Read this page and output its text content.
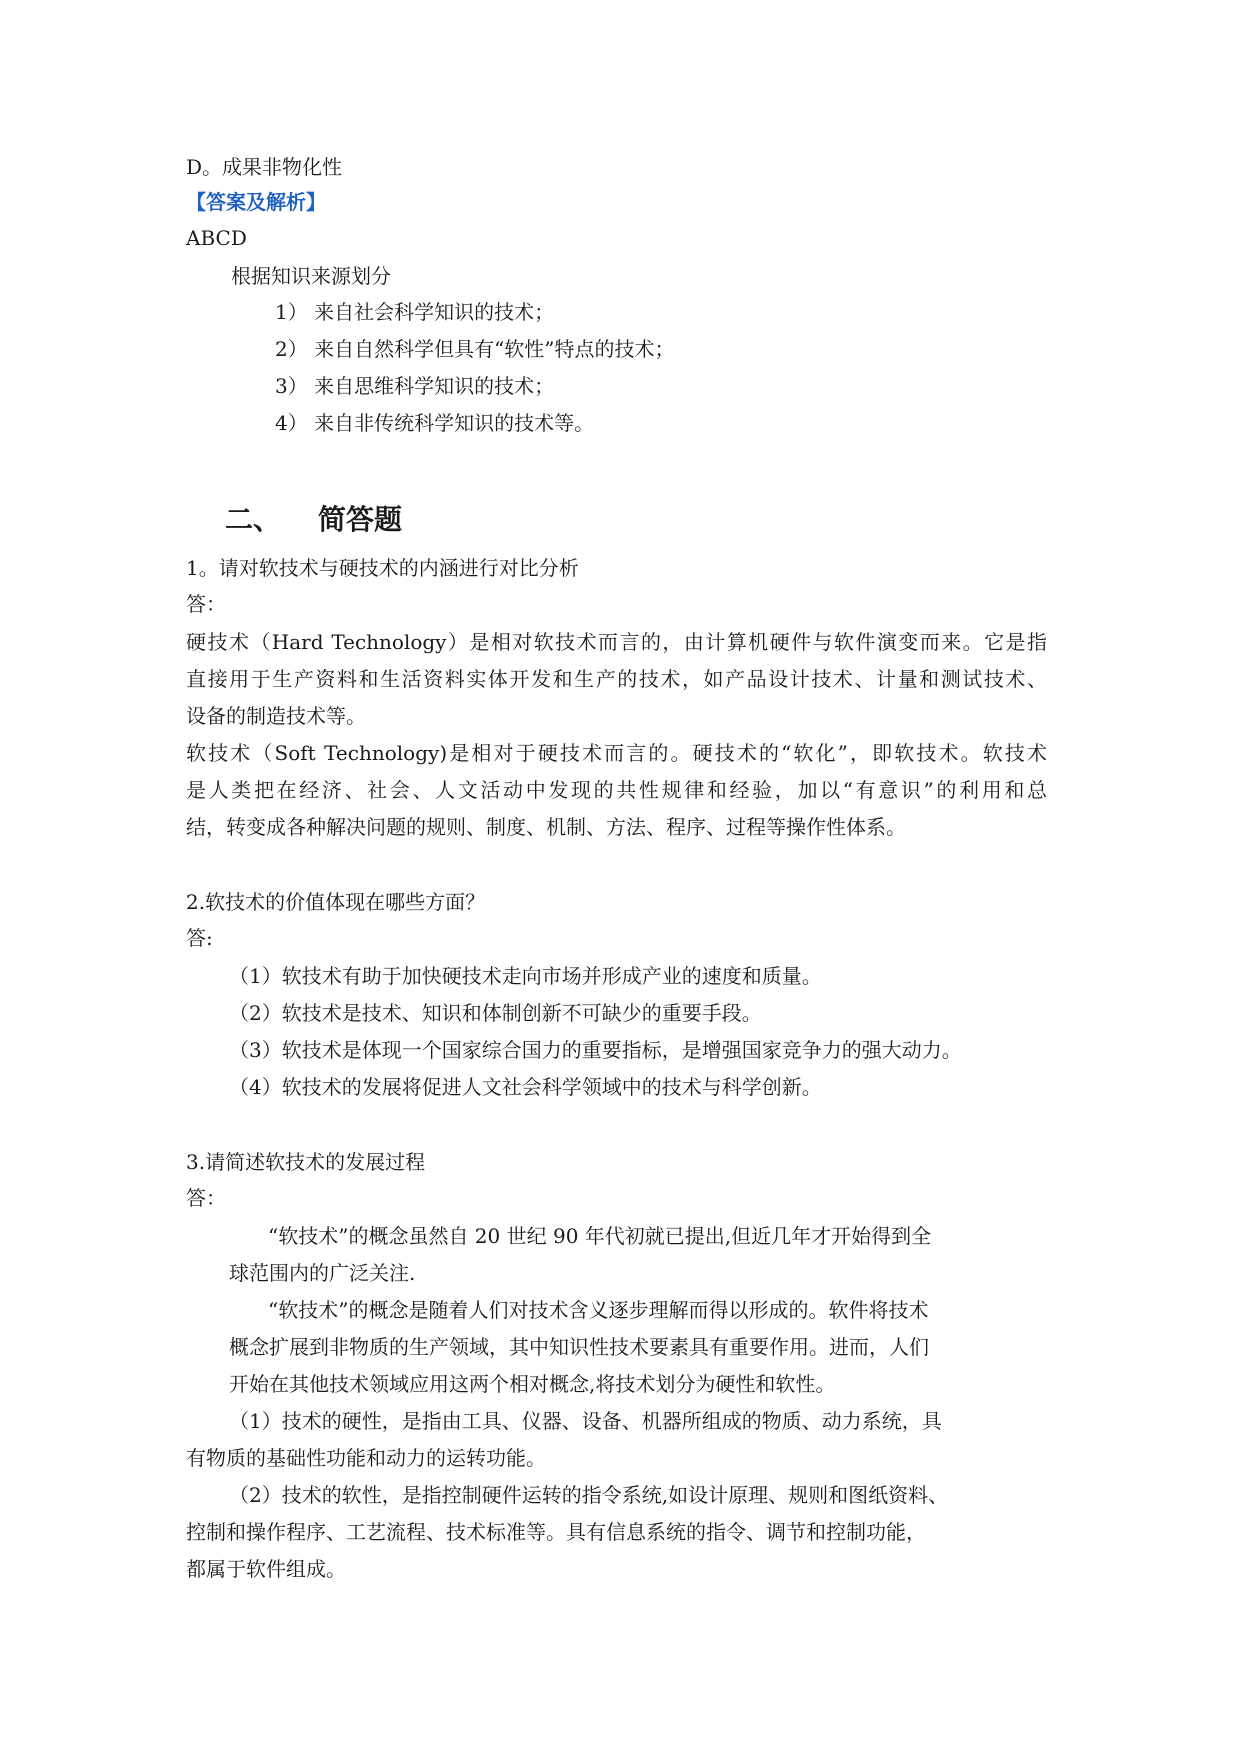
D。成果非物化性
【答案及解析】
ABCD
根据知识来源划分
1） 来自社会科学知识的技术；
2） 来自自然科学但具有“软性”特点的技术；
3） 来自思维科学知识的技术；
4） 来自非传统科学知识的技术等。
二、 简答题
1。请对软技术与硬技术的内涵进行对比分析
答：
硬技术（Hard Technology）是相对软技术而言的，由计算机硬件与软件演变而来。它是指
直接用于生产资料和生活资料实体开发和生产的技术，如产品设计技术、计量和测试技术、
设备的制造技术等。
软技术（Soft Technology)是相对于硬技术而言的。硬技术的“软化”，即软技术。软技术
是人类把在经济、社会、人文活动中发现的共性规律和经验，加以“有意识”的利用和总
结，转变成各种解决问题的规则、制度、机制、方法、程序、过程等操作性体系。
2.软技术的价值体现在哪些方面？
答:
（1）软技术有助于加快硬技术走向市场并形成产业的速度和质量。
（2）软技术是技术、知识和体制创新不可缺少的重要手段。
（3）软技术是体现一个国家综合国力的重要指标，是增强国家竞争力的强大动力。
（4）软技术的发展将促进人文社会科学领域中的技术与科学创新。
3.请简述软技术的发展过程
答：
“软技术”的概念虽然自 20 世纪 90 年代初就已提出,但近几年才开始得到全
球范围内的广泛关注.
“软技术”的概念是随着人们对技术含义逐步理解而得以形成的。软件将技术
概念扩展到非物质的生产领域，其中知识性技术要素具有重要作用。进而，人们
开始在其他技术领域应用这两个相对概念,将技术划分为硬性和软性。
（1）技术的硬性，是指由工具、仪器、设备、机器所组成的物质、动力系统，具
有物质的基础性功能和动力的运转功能。
（2）技术的软性，是指控制硬件运转的指令系统,如设计原理、规则和图纸资料、
控制和操作程序、工艺流程、技术标准等。具有信息系统的指令、调节和控制功能，
都属于软件组成。
